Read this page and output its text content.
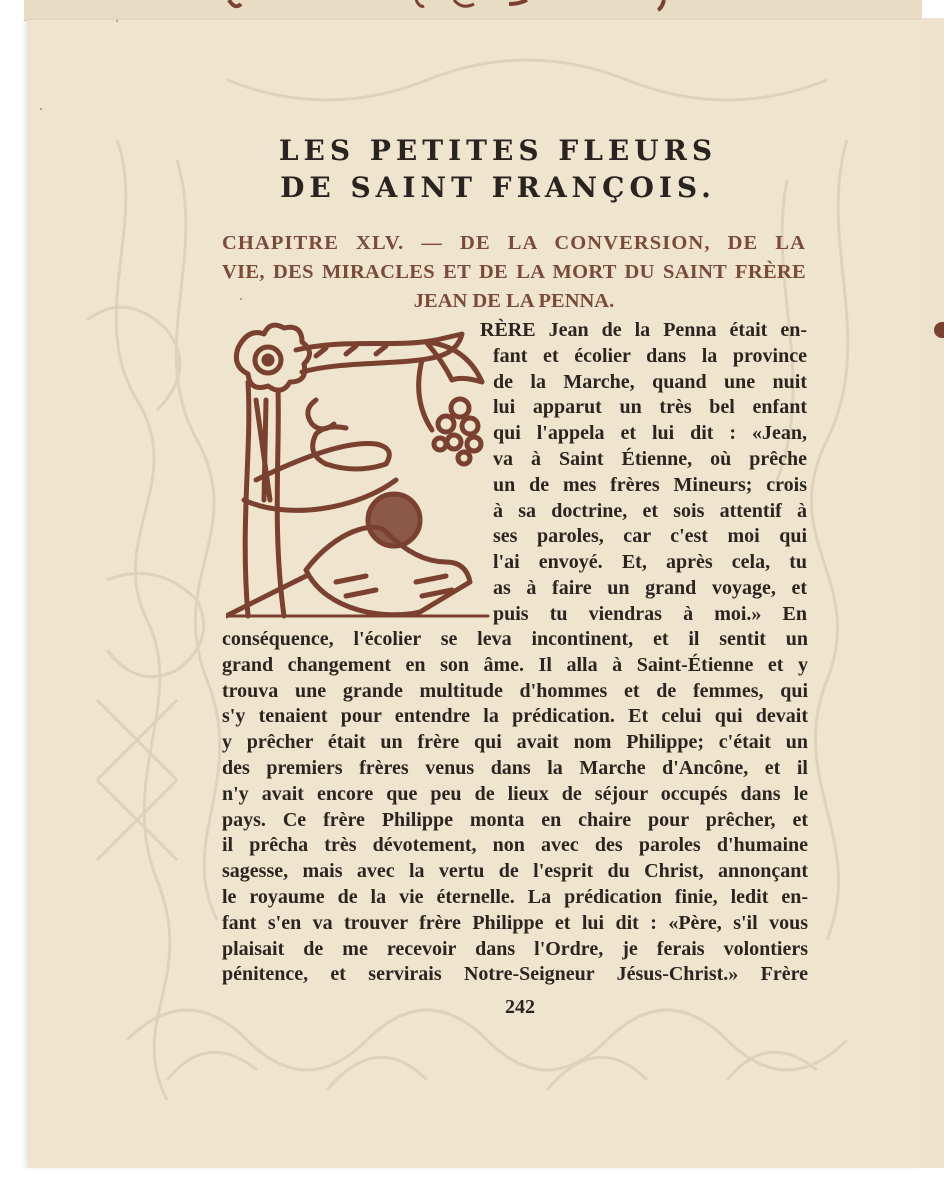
LES PETITES FLEURS
DE SAINT FRANÇOIS.
CHAPITRE XLV. — DE LA CONVERSION, DE LA
VIE, DES MIRACLES ET DE LA MORT DU SAINT FRÈRE
JEAN DE LA PENNA.
RÈRE Jean de la Penna était en-
fant et écolier dans la province
de la Marche, quand une nuit
lui apparut un très bel enfant
qui l'appela et lui dit : «Jean,
va à Saint Étienne, où prêche
un de mes frères Mineurs; crois
à sa doctrine, et sois attentif à
ses paroles, car c'est moi qui
l'ai envoyé. Et, après cela, tu
as à faire un grand voyage, et
puis tu viendras à moi.» En
conséquence, l'écolier se leva incontinent, et il sentit un
grand changement en son âme. Il alla à Saint-Étienne et y
trouva une grande multitude d'hommes et de femmes, qui
s'y tenaient pour entendre la prédication. Et celui qui devait
y prêcher était un frère qui avait nom Philippe; c'était un
des premiers frères venus dans la Marche d'Ancône, et il
n'y avait encore que peu de lieux de séjour occupés dans le
pays. Ce frère Philippe monta en chaire pour prêcher, et
il prêcha très dévotement, non avec des paroles d'humaine
sagesse, mais avec la vertu de l'esprit du Christ, annonçant
le royaume de la vie éternelle. La prédication finie, ledit en-
fant s'en va trouver frère Philippe et lui dit : «Père, s'il vous
plaisait de me recevoir dans l'Ordre, je ferais volontiers
pénitence, et servirais Notre-Seigneur Jésus-Christ.» Frère
242
